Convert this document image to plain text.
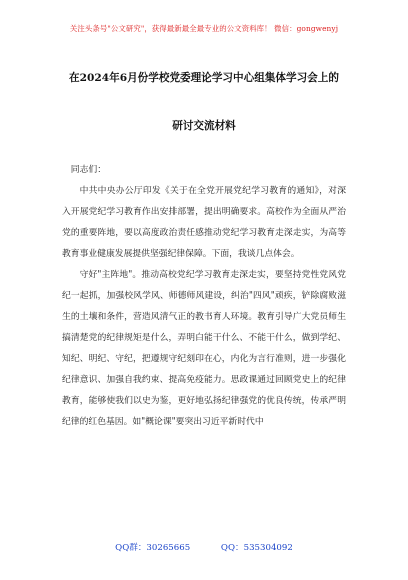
关注头条号"公文研究"，获得最新最全最专业的公文资料库！ 微信：gongwenyj
在2024年6月份学校党委理论学习中心组集体学习会上的
研讨交流材料

同志们：

中共中央办公厅印发《关于在全党开展党纪学习教育的通知》，对深入开展党纪学习教育作出安排部署，提出明确要求。高校作为全面从严治党的重要阵地，要以高度政治责任感推动党纪学习教育走深走实，为高等教育事业健康发展提供坚强纪律保障。下面，我谈几点体会。

守好"主阵地"。推动高校党纪学习教育走深走实，要坚持党性党风党纪一起抓，加强校风学风、师德师风建设，纠治"四风"顽疾，铲除腐败滋生的土壤和条件，营造风清气正的教书育人环境。教育引导广大党员师生搞清楚党的纪律规矩是什么，弄明白能干什么、不能干什么，做到学纪、知纪、明纪、守纪，把遵规守纪刻印在心，内化为言行准则，进一步强化纪律意识、加强自我约束、提高免疫能力。思政课通过回顾党史上的纪律教育，能够使我们以史为鉴，更好地弘扬纪律强党的优良传统，传承严明纪律的红色基因。如"概论课"要突出习近平新时代中

QQ群：30265665	QQ：535304092
